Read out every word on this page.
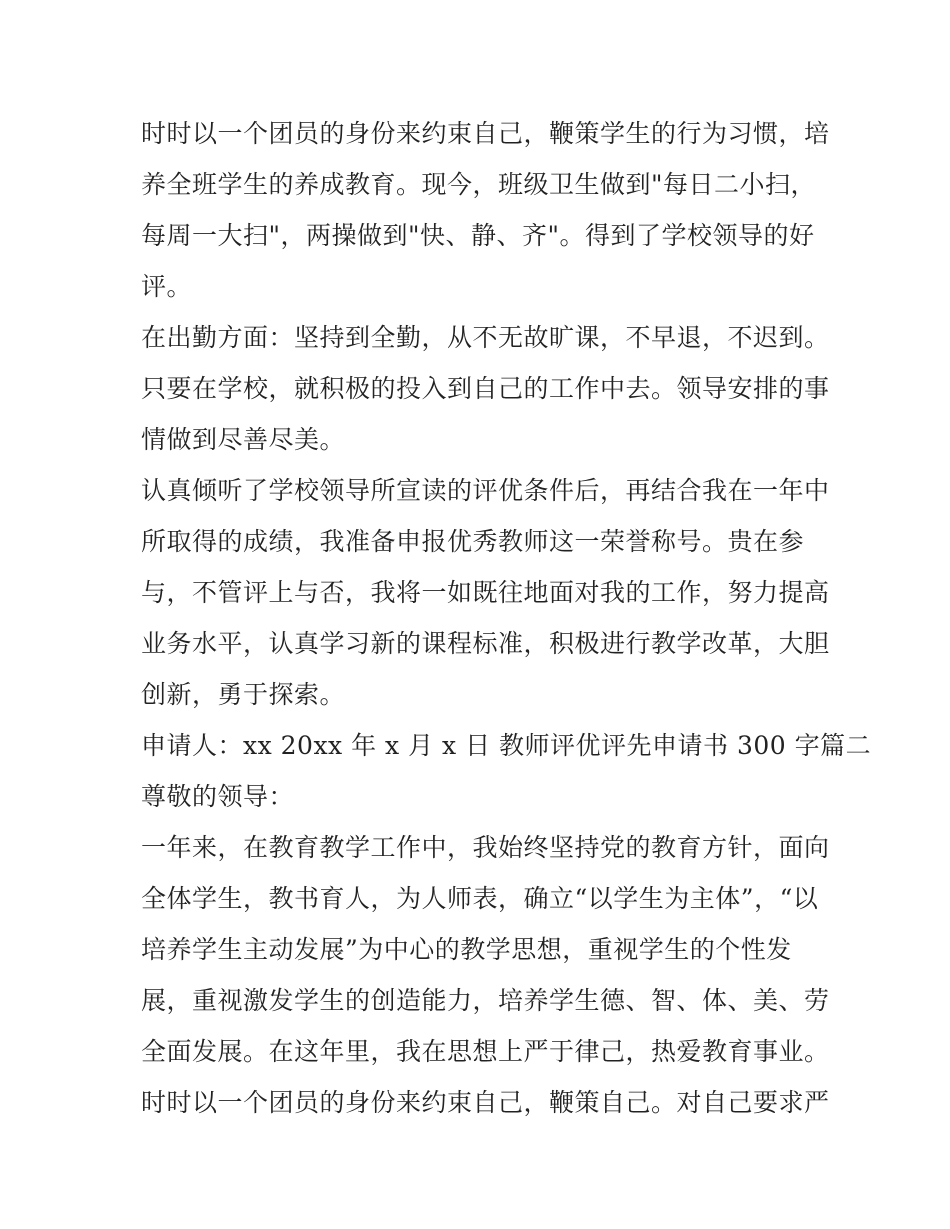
时时以一个团员的身份来约束自己，鞭策学生的行为习惯，培
养全班学生的养成教育。现今，班级卫生做到"每日二小扫，
每周一大扫"，两操做到"快、静、齐"。得到了学校领导的好
评。
在出勤方面：坚持到全勤，从不无故旷课，不早退，不迟到。
只要在学校，就积极的投入到自己的工作中去。领导安排的事
情做到尽善尽美。
认真倾听了学校领导所宣读的评优条件后，再结合我在一年中
所取得的成绩，我准备申报优秀教师这一荣誉称号。贵在参
与，不管评上与否，我将一如既往地面对我的工作，努力提高
业务水平，认真学习新的课程标准，积极进行教学改革，大胆
创新，勇于探索。
申请人：xx 20xx 年 x 月 x 日 教师评优评先申请书 300 字篇二
尊敬的领导：
一年来，在教育教学工作中，我始终坚持党的教育方针，面向
全体学生，教书育人，为人师表，确立“以学生为主体”，“以
培养学生主动发展”为中心的教学思想，重视学生的个性发
展，重视激发学生的创造能力，培养学生德、智、体、美、劳
全面发展。在这年里，我在思想上严于律己，热爱教育事业。
时时以一个团员的身份来约束自己，鞭策自己。对自己要求严
